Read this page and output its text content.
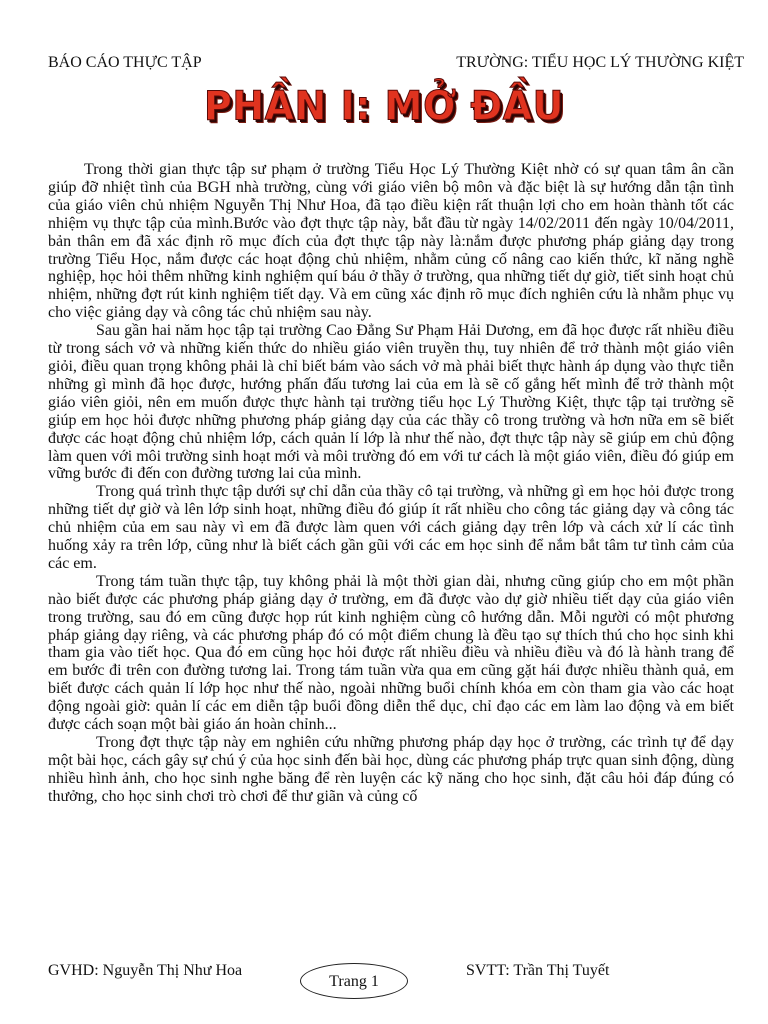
BÁO CÁO THỰC TẬP	TRƯỜNG: TIỂU HỌC LÝ THƯỜNG KIỆT
PHẦN I: MỞ ĐẦU

Trong thời gian thực tập sư phạm ở trường Tiểu Học Lý Thường Kiệt nhờ có sự quan tâm ân cần giúp đỡ nhiệt tình của BGH nhà trường, cùng với giáo viên bộ môn và đặc biệt là sự hướng dẫn tận tình của giáo viên chủ nhiệm Nguyễn Thị Như Hoa, đã tạo điều kiện rất thuận lợi cho em hoàn thành tốt các nhiệm vụ thực tập của mình.Bước vào đợt thực tập này, bắt đầu từ ngày 14/02/2011 đến ngày 10/04/2011, bản thân em đã xác định rõ mục đích của đợt thực tập này là:nắm được phương pháp giảng dạy trong trường Tiểu Học, nắm được các hoạt động chủ nhiệm, nhằm củng cố nâng cao kiến thức, kĩ năng nghề nghiệp, học hỏi thêm những kinh nghiệm quí báu ở thầy ở trường, qua những tiết dự giờ, tiết sinh hoạt chủ nhiệm, những đợt rút kinh nghiệm tiết dạy. Và em cũng xác định rõ mục đích nghiên cứu là nhằm phục vụ cho việc giảng dạy và công tác chủ nhiệm sau này.

Sau gần hai năm học tập tại trường Cao Đẳng Sư Phạm Hải Dương, em đã học được rất nhiều điều từ trong sách vở và những kiến thức do nhiều giáo viên truyền thụ, tuy nhiên để trở thành một giáo viên giỏi, điều quan trọng không phải là chỉ biết bám vào sách vở mà phải biết thực hành áp dụng vào thực tiễn những gì mình đã học được, hướng phấn đấu tương lai của em là sẽ cố gắng hết mình để trở thành một giáo viên giỏi, nên em muốn được thực hành tại trường tiểu học Lý Thường Kiệt, thực tập tại trường sẽ giúp em học hỏi được những phương pháp giảng dạy của các thầy cô trong trường và hơn nữa em sẽ biết được các hoạt động chủ nhiệm lớp, cách quản lí lớp là như thế nào, đợt thực tập này sẽ giúp em chủ động làm quen với môi trường sinh hoạt mới và môi trường đó em với tư cách là một giáo viên, điều đó giúp em vững bước đi đến con đường tương lai của mình.

Trong quá trình thực tập dưới sự chỉ dẫn của thầy cô tại trường, và những gì em học hỏi được trong những tiết dự giờ và lên lớp sinh hoạt, những điều đó giúp ít rất nhiều cho công tác giảng dạy và công tác chủ nhiệm của em sau này vì em đã được làm quen với cách giảng dạy trên lớp và cách xử lí các tình huống xảy ra trên lớp, cũng như là biết cách gần gũi với các em học sinh để nắm bắt tâm tư tình cảm của các em.

Trong tám tuần thực tập, tuy không phải là một thời gian dài, nhưng cũng giúp cho em một phần nào biết được các phương pháp giảng dạy ở trường, em đã được vào dự giờ nhiều tiết dạy của giáo viên trong trường, sau đó em cũng được họp rút kinh nghiệm cùng cô hướng dẫn. Mỗi người có một phương pháp giảng dạy riêng, và các phương pháp đó có một điểm chung là đều tạo sự thích thú cho học sinh khi tham gia vào tiết học. Qua đó em cũng học hỏi được rất nhiều điều và nhiều điều và đó là hành trang để em bước đi trên con đường tương lai. Trong tám tuần vừa qua em cũng gặt hái được nhiều thành quả, em biết được cách quản lí lớp học như thế nào, ngoài những buổi chính khóa em còn tham gia vào các hoạt động ngoài giờ: quản lí các em diễn tập buổi đồng diễn thể dục, chỉ đạo các em làm lao động và em biết được cách soạn một bài giáo án hoàn chỉnh...

Trong đợt thực tập này em nghiên cứu những phương pháp dạy học ở trường, các trình tự để dạy một bài học, cách gây sự chú ý của học sinh đến bài học, dùng các phương pháp trực quan sinh động, dùng nhiều hình ảnh, cho học sinh nghe băng để rèn luyện các kỹ năng cho học sinh, đặt câu hỏi đáp đúng có thưởng, cho học sinh chơi trò chơi để thư giãn và củng cố

GVHD: Nguyễn Thị Như Hoa	SVTT: Trần Thị Tuyết
Trang 1
